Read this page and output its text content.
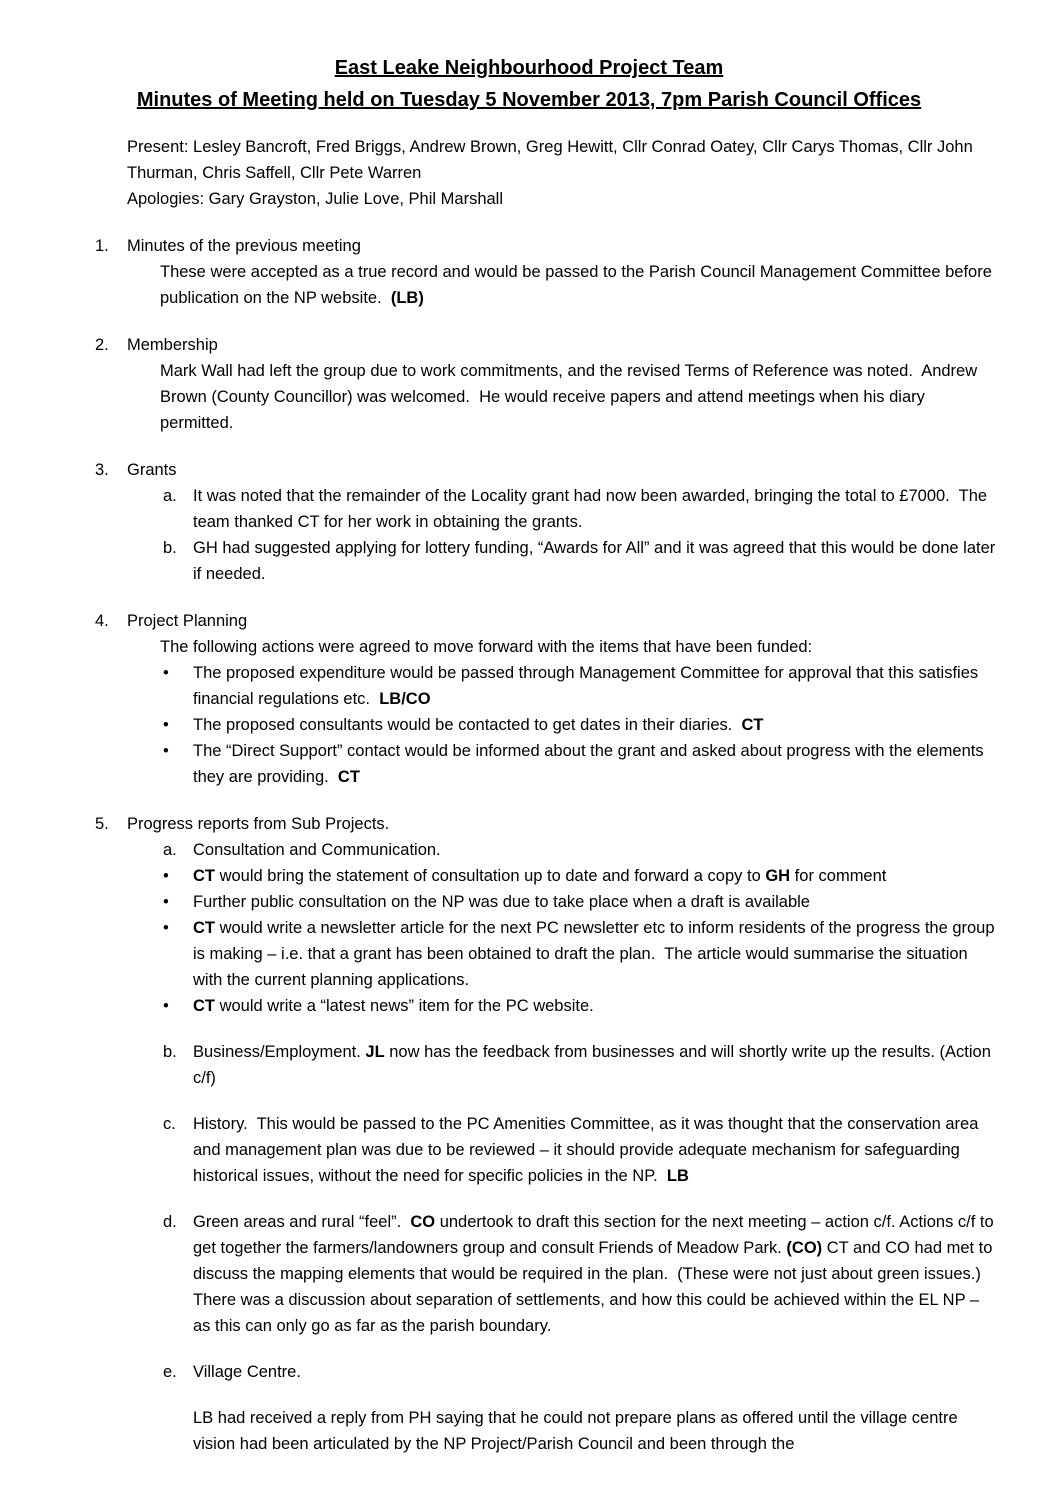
East Leake Neighbourhood Project Team
Minutes of Meeting held on Tuesday 5 November 2013, 7pm Parish Council Offices

Present: Lesley Bancroft, Fred Briggs, Andrew Brown, Greg Hewitt, Cllr Conrad Oatey, Cllr Carys Thomas, Cllr John Thurman, Chris Saffell, Cllr Pete Warren

Apologies: Gary Grayston, Julie Love, Phil Marshall

1.	Minutes of the previous meeting

These were accepted as a true record and would be passed to the Parish Council Management Committee before publication on the NP website.  (LB)

2.	Membership

Mark Wall had left the group due to work commitments, and the revised Terms of Reference was noted.  Andrew Brown (County Councillor) was welcomed.  He would receive papers and attend meetings when his diary permitted.

3.	Grants
a. It was noted that the remainder of the Locality grant had now been awarded, bringing the total to £7000.  The team thanked CT for her work in obtaining the grants.
b. GH had suggested applying for lottery funding, “Awards for All” and it was agreed that this would be done later if needed.
4.	Project Planning

The following actions were agreed to move forward with the items that have been funded:

• The proposed expenditure would be passed through Management Committee for approval that this satisfies financial regulations etc.  LB/CO
• The proposed consultants would be contacted to get dates in their diaries.  CT
• The “Direct Support” contact would be informed about the grant and asked about progress with the elements they are providing.  CT
5.	Progress reports from Sub Projects.
a. Consultation and Communication.
• CT would bring the statement of consultation up to date and forward a copy to GH for comment
• Further public consultation on the NP was due to take place when a draft is available
• CT would write a newsletter article for the next PC newsletter etc to inform residents of the progress the group is making – i.e. that a grant has been obtained to draft the plan.  The article would summarise the situation with the current planning applications.
• CT would write a “latest news” item for the PC website.
b. Business/Employment. JL now has the feedback from businesses and will shortly write up the results. (Action c/f)
c. History.  This would be passed to the PC Amenities Committee, as it was thought that the conservation area and management plan was due to be reviewed – it should provide adequate mechanism for safeguarding historical issues, without the need for specific policies in the NP.  LB
d. Green areas and rural “feel”.  CO undertook to draft this section for the next meeting – action c/f. Actions c/f to get together the farmers/landowners group and consult Friends of Meadow Park. (CO) CT and CO had met to discuss the mapping elements that would be required in the plan.  (These were not just about green issues.)  There was a discussion about separation of settlements, and how this could be achieved within the EL NP – as this can only go as far as the parish boundary.
e. Village Centre.

LB had received a reply from PH saying that he could not prepare plans as offered until the village centre vision had been articulated by the NP Project/Parish Council and been through the
